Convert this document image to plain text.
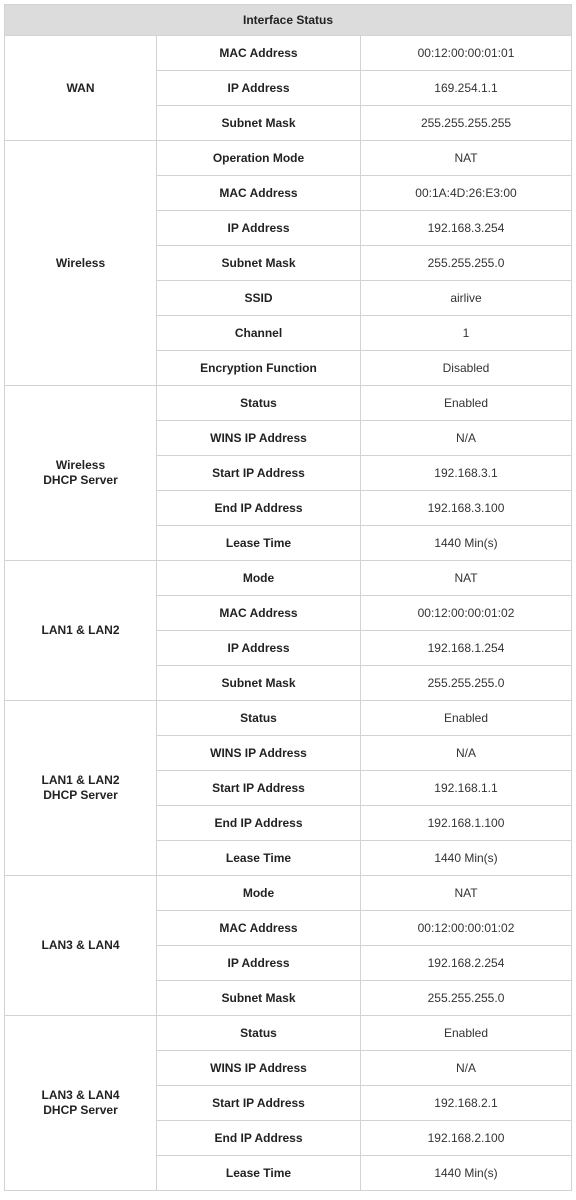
Interface Status		

WAN	MAC Address	00:12:00:00:01:01
	IP Address	169.254.1.1
	Subnet Mask	255.255.255.255

Wireless	Operation Mode	NAT
	MAC Address	00:1A:4D:26:E3:00
	IP Address	192.168.3.254
	Subnet Mask	255.255.255.0
	SSID	airlive
	Channel	1
	Encryption Function	Disabled

Wireless
DHCP Server	Status	Enabled
	WINS IP Address	N/A
	Start IP Address	192.168.3.1
	End IP Address	192.168.3.100
	Lease Time	1440 Min(s)

LAN1 & LAN2	Mode	NAT
	MAC Address	00:12:00:00:01:02
	IP Address	192.168.1.254
	Subnet Mask	255.255.255.0

LAN1 & LAN2
DHCP Server	Status	Enabled
	WINS IP Address	N/A
	Start IP Address	192.168.1.1
	End IP Address	192.168.1.100
	Lease Time	1440 Min(s)

LAN3 & LAN4	Mode	NAT
	MAC Address	00:12:00:00:01:02
	IP Address	192.168.2.254
	Subnet Mask	255.255.255.0

LAN3 & LAN4
DHCP Server	Status	Enabled
	WINS IP Address	N/A
	Start IP Address	192.168.2.1
	End IP Address	192.168.2.100
	Lease Time	1440 Min(s)
